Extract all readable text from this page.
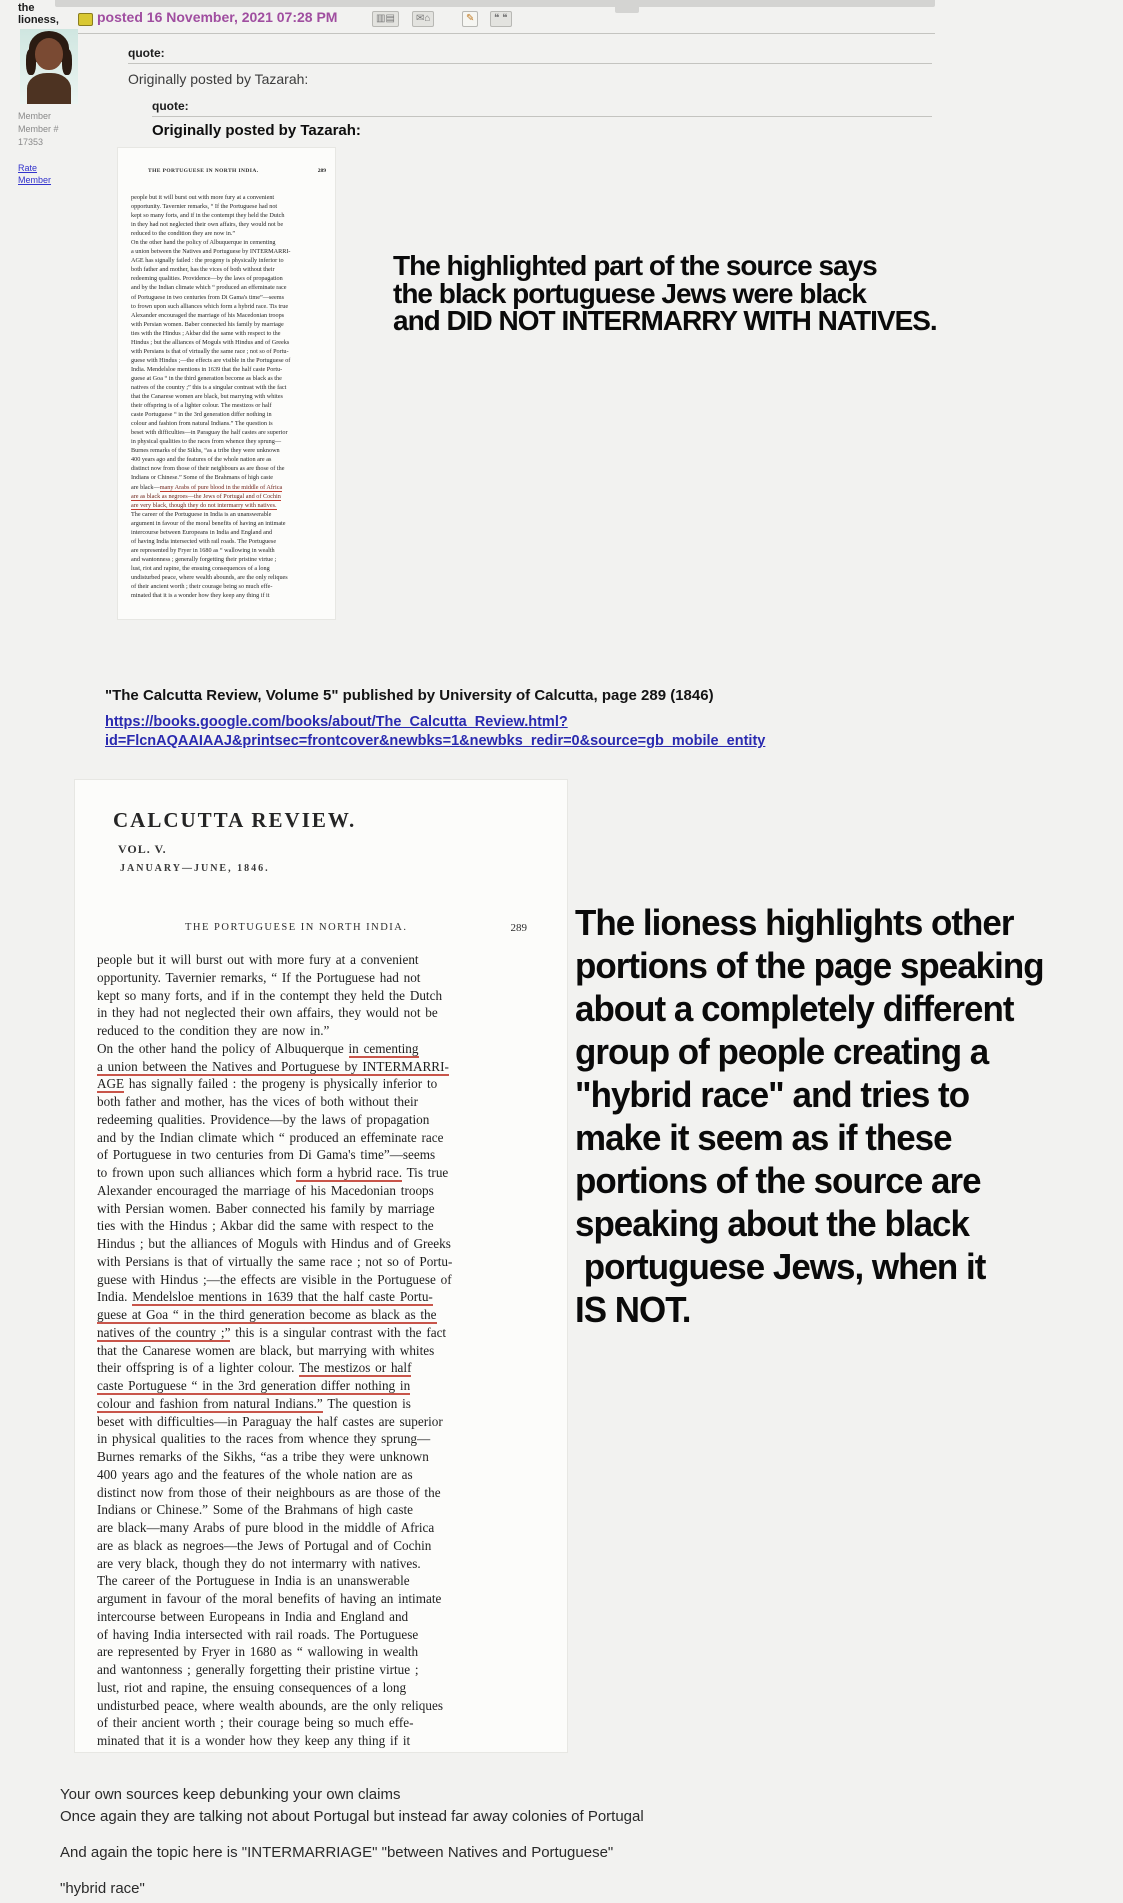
the
lioness,
Member
Member #
17353
Rate
Member
posted 16 November, 2021 07:28 PM	▥▤	✉⌂	✎	❝ ❝
quote:
Originally posted by Tazarah:
quote:
Originally posted by Tazarah:
THE PORTUGUESE IN NORTH INDIA.	289
people but it will burst out with more fury at a convenient
opportunity. Tavernier remarks, “ If the Portuguese had not
kept so many forts, and if in the contempt they held the Dutch
in they had not neglected their own affairs, they would not be
reduced to the condition they are now in.”
On the other hand the policy of Albuquerque in cementing
a union between the Natives and Portuguese by INTERMARRI-
AGE has signally failed : the progeny is physically inferior to
both father and mother, has the vices of both without their
redeeming qualities. Providence—by the laws of propagation
and by the Indian climate which “ produced an effeminate race
of Portuguese in two centuries from Di Gama's time”—seems
to frown upon such alliances which form a hybrid race. Tis true
Alexander encouraged the marriage of his Macedonian troops
with Persian women. Baber connected his family by marriage
ties with the Hindus ; Akbar did the same with respect to the
Hindus ; but the alliances of Moguls with Hindus and of Greeks
with Persians is that of virtually the same race ; not so of Portu-
guese with Hindus ;—the effects are visible in the Portuguese of
India. Mendelsloe mentions in 1639 that the half caste Portu-
guese at Goa “ in the third generation become as black as the
natives of the country ;” this is a singular contrast with the fact
that the Canarese women are black, but marrying with whites
their offspring is of a lighter colour. The mestizos or half
caste Portuguese “ in the 3rd generation differ nothing in
colour and fashion from natural Indians.” The question is
beset with difficulties—in Paraguay the half castes are superior
in physical qualities to the races from whence they sprung—
Burnes remarks of the Sikhs, “as a tribe they were unknown
400 years ago and the features of the whole nation are as
distinct now from those of their neighbours as are those of the
Indians or Chinese.” Some of the Brahmans of high caste
are black—many Arabs of pure blood in the middle of Africa
are as black as negroes—the Jews of Portugal and of Cochin
are very black, though they do not intermarry with natives.
The career of the Portuguese in India is an unanswerable
argument in favour of the moral benefits of having an intimate
intercourse between Europeans in India and England and
of having India intersected with rail roads. The Portuguese
are represented by Fryer in 1680 as “ wallowing in wealth
and wantonness ; generally forgetting their pristine virtue ;
lust, riot and rapine, the ensuing consequences of a long
undisturbed peace, where wealth abounds, are the only reliques
of their ancient worth ; their courage being so much effe-
minated that it is a wonder how they keep any thing if it
The highlighted part of the source says
the black portuguese Jews were black
and DID NOT INTERMARRY WITH NATIVES.
"The Calcutta Review, Volume 5" published by University of Calcutta, page 289 (1846)
https://books.google.com/books/about/The_Calcutta_Review.html?
id=FlcnAQAAIAAJ&printsec=frontcover&newbks=1&newbks_redir=0&source=gb_mobile_entity
CALCUTTA REVIEW.
VOL. V.
JANUARY—JUNE, 1846.
THE PORTUGUESE IN NORTH INDIA.	289
people but it will burst out with more fury at a convenient
opportunity. Tavernier remarks, “ If the Portuguese had not
kept so many forts, and if in the contempt they held the Dutch
in they had not neglected their own affairs, they would not be
reduced to the condition they are now in.”
On the other hand the policy of Albuquerque in cementing
a union between the Natives and Portuguese by INTERMARRI-
AGE has signally failed : the progeny is physically inferior to
both father and mother, has the vices of both without their
redeeming qualities. Providence—by the laws of propagation
and by the Indian climate which “ produced an effeminate race
of Portuguese in two centuries from Di Gama's time”—seems
to frown upon such alliances which form a hybrid race. Tis true
Alexander encouraged the marriage of his Macedonian troops
with Persian women. Baber connected his family by marriage
ties with the Hindus ; Akbar did the same with respect to the
Hindus ; but the alliances of Moguls with Hindus and of Greeks
with Persians is that of virtually the same race ; not so of Portu-
guese with Hindus ;—the effects are visible in the Portuguese of
India. Mendelsloe mentions in 1639 that the half caste Portu-
guese at Goa “ in the third generation become as black as the
natives of the country ;” this is a singular contrast with the fact
that the Canarese women are black, but marrying with whites
their offspring is of a lighter colour. The mestizos or half
caste Portuguese “ in the 3rd generation differ nothing in
colour and fashion from natural Indians.” The question is
beset with difficulties—in Paraguay the half castes are superior
in physical qualities to the races from whence they sprung—
Burnes remarks of the Sikhs, “as a tribe they were unknown
400 years ago and the features of the whole nation are as
distinct now from those of their neighbours as are those of the
Indians or Chinese.” Some of the Brahmans of high caste
are black—many Arabs of pure blood in the middle of Africa
are as black as negroes—the Jews of Portugal and of Cochin
are very black, though they do not intermarry with natives.
The career of the Portuguese in India is an unanswerable
argument in favour of the moral benefits of having an intimate
intercourse between Europeans in India and England and
of having India intersected with rail roads. The Portuguese
are represented by Fryer in 1680 as “ wallowing in wealth
and wantonness ; generally forgetting their pristine virtue ;
lust, riot and rapine, the ensuing consequences of a long
undisturbed peace, where wealth abounds, are the only reliques
of their ancient worth ; their courage being so much effe-
minated that it is a wonder how they keep any thing if it
The lioness highlights other
portions of the page speaking
about a completely different
group of people creating a
"hybrid race" and tries to
make it seem as if these
portions of the source are
speaking about the black
portuguese Jews, when it
IS NOT.
Your own sources keep debunking your own claims
Once again they are talking not about Portugal but instead far away colonies of Portugal
And again the topic here is "INTERMARRIAGE" "between Natives and Portuguese"
"hybrid race"
